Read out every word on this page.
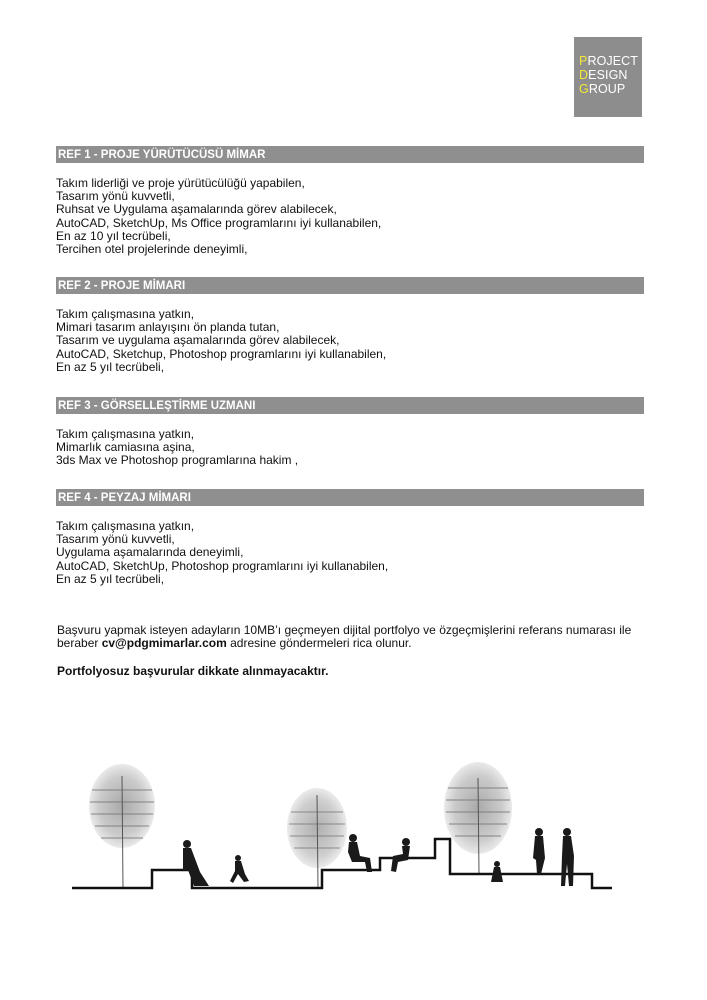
PROJECT
DESIGN
GROUP
REF 1 - PROJE YÜRÜTÜCÜSÜ MİMAR
Takım liderliği ve proje yürütücülüğü yapabilen,
Tasarım yönü kuvvetli,
Ruhsat ve Uygulama aşamalarında görev alabilecek,
AutoCAD, SketchUp, Ms Office programlarını iyi kullanabilen,
En az 10 yıl tecrübeli,
Tercihen otel projelerinde deneyimli,
REF 2 - PROJE MİMARI
Takım çalışmasına yatkın,
Mimari tasarım anlayışını ön planda tutan,
Tasarım ve uygulama aşamalarında görev alabilecek,
AutoCAD, Sketchup, Photoshop programlarını iyi kullanabilen,
En az 5 yıl tecrübeli,
REF 3 - GÖRSELLEŞTİRME UZMANI
Takım çalışmasına yatkın,
Mimarlık camiasına aşina,
3ds Max ve Photoshop programlarına hakim ,
REF 4 - PEYZAJ MİMARI
Takım çalışmasına yatkın,
Tasarım yönü kuvvetli,
Uygulama aşamalarında deneyimli,
AutoCAD, SketchUp, Photoshop programlarını iyi kullanabilen,
En az 5 yıl tecrübeli,
Başvuru yapmak isteyen adayların 10MB’ı geçmeyen dijital portfolyo ve özgeçmişlerini referans numarası ile beraber cv@pdgmimarlar.com adresine göndermeleri rica olunur.
Portfolyosuz başvurular dikkate alınmayacaktır.
